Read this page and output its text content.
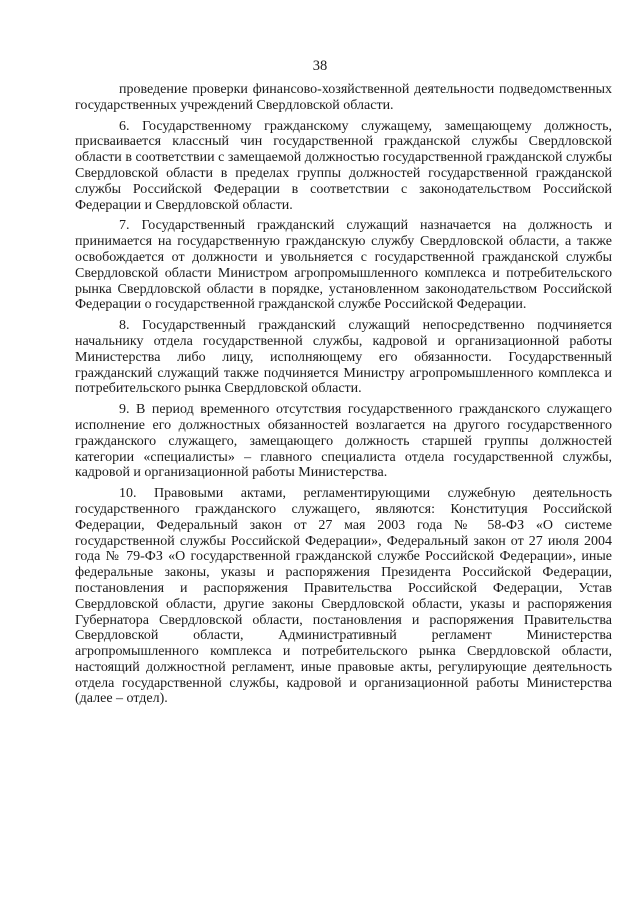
38

проведение проверки финансово-хозяйственной деятельности подведомственных государственных учреждений Свердловской области.

6. Государственному гражданскому служащему, замещающему должность, присваивается классный чин государственной гражданской службы Свердловской области в соответствии с замещаемой должностью государственной гражданской службы Свердловской области в пределах группы должностей государственной гражданской службы Российской Федерации в соответствии с законодательством Российской Федерации и Свердловской области.

7. Государственный гражданский служащий назначается на должность и принимается на государственную гражданскую службу Свердловской области, а также освобождается от должности и увольняется с государственной гражданской службы Свердловской области Министром агропромышленного комплекса и потребительского рынка Свердловской области в порядке, установленном законодательством Российской Федерации о государственной гражданской службе Российской Федерации.

8. Государственный гражданский служащий непосредственно подчиняется начальнику отдела государственной службы, кадровой и организационной работы Министерства либо лицу, исполняющему его обязанности. Государственный гражданский служащий также подчиняется Министру агропромышленного комплекса и потребительского рынка Свердловской области.

9. В период временного отсутствия государственного гражданского служащего исполнение его должностных обязанностей возлагается на другого государственного гражданского служащего, замещающего должность старшей группы должностей категории «специалисты» – главного специалиста отдела государственной службы, кадровой и организационной работы Министерства.

10. Правовыми актами, регламентирующими служебную деятельность государственного гражданского служащего, являются: Конституция Российской Федерации, Федеральный закон от 27 мая 2003 года № 58-ФЗ «О системе государственной службы Российской Федерации», Федеральный закон от 27 июля 2004 года № 79-ФЗ «О государственной гражданской службе Российской Федерации», иные федеральные законы, указы и распоряжения Президента Российской Федерации, постановления и распоряжения Правительства Российской Федерации, Устав Свердловской области, другие законы Свердловской области, указы и распоряжения Губернатора Свердловской области, постановления и распоряжения Правительства Свердловской области, Административный регламент Министерства агропромышленного комплекса и потребительского рынка Свердловской области, настоящий должностной регламент, иные правовые акты, регулирующие деятельность отдела государственной службы, кадровой и организационной работы Министерства (далее – отдел).
